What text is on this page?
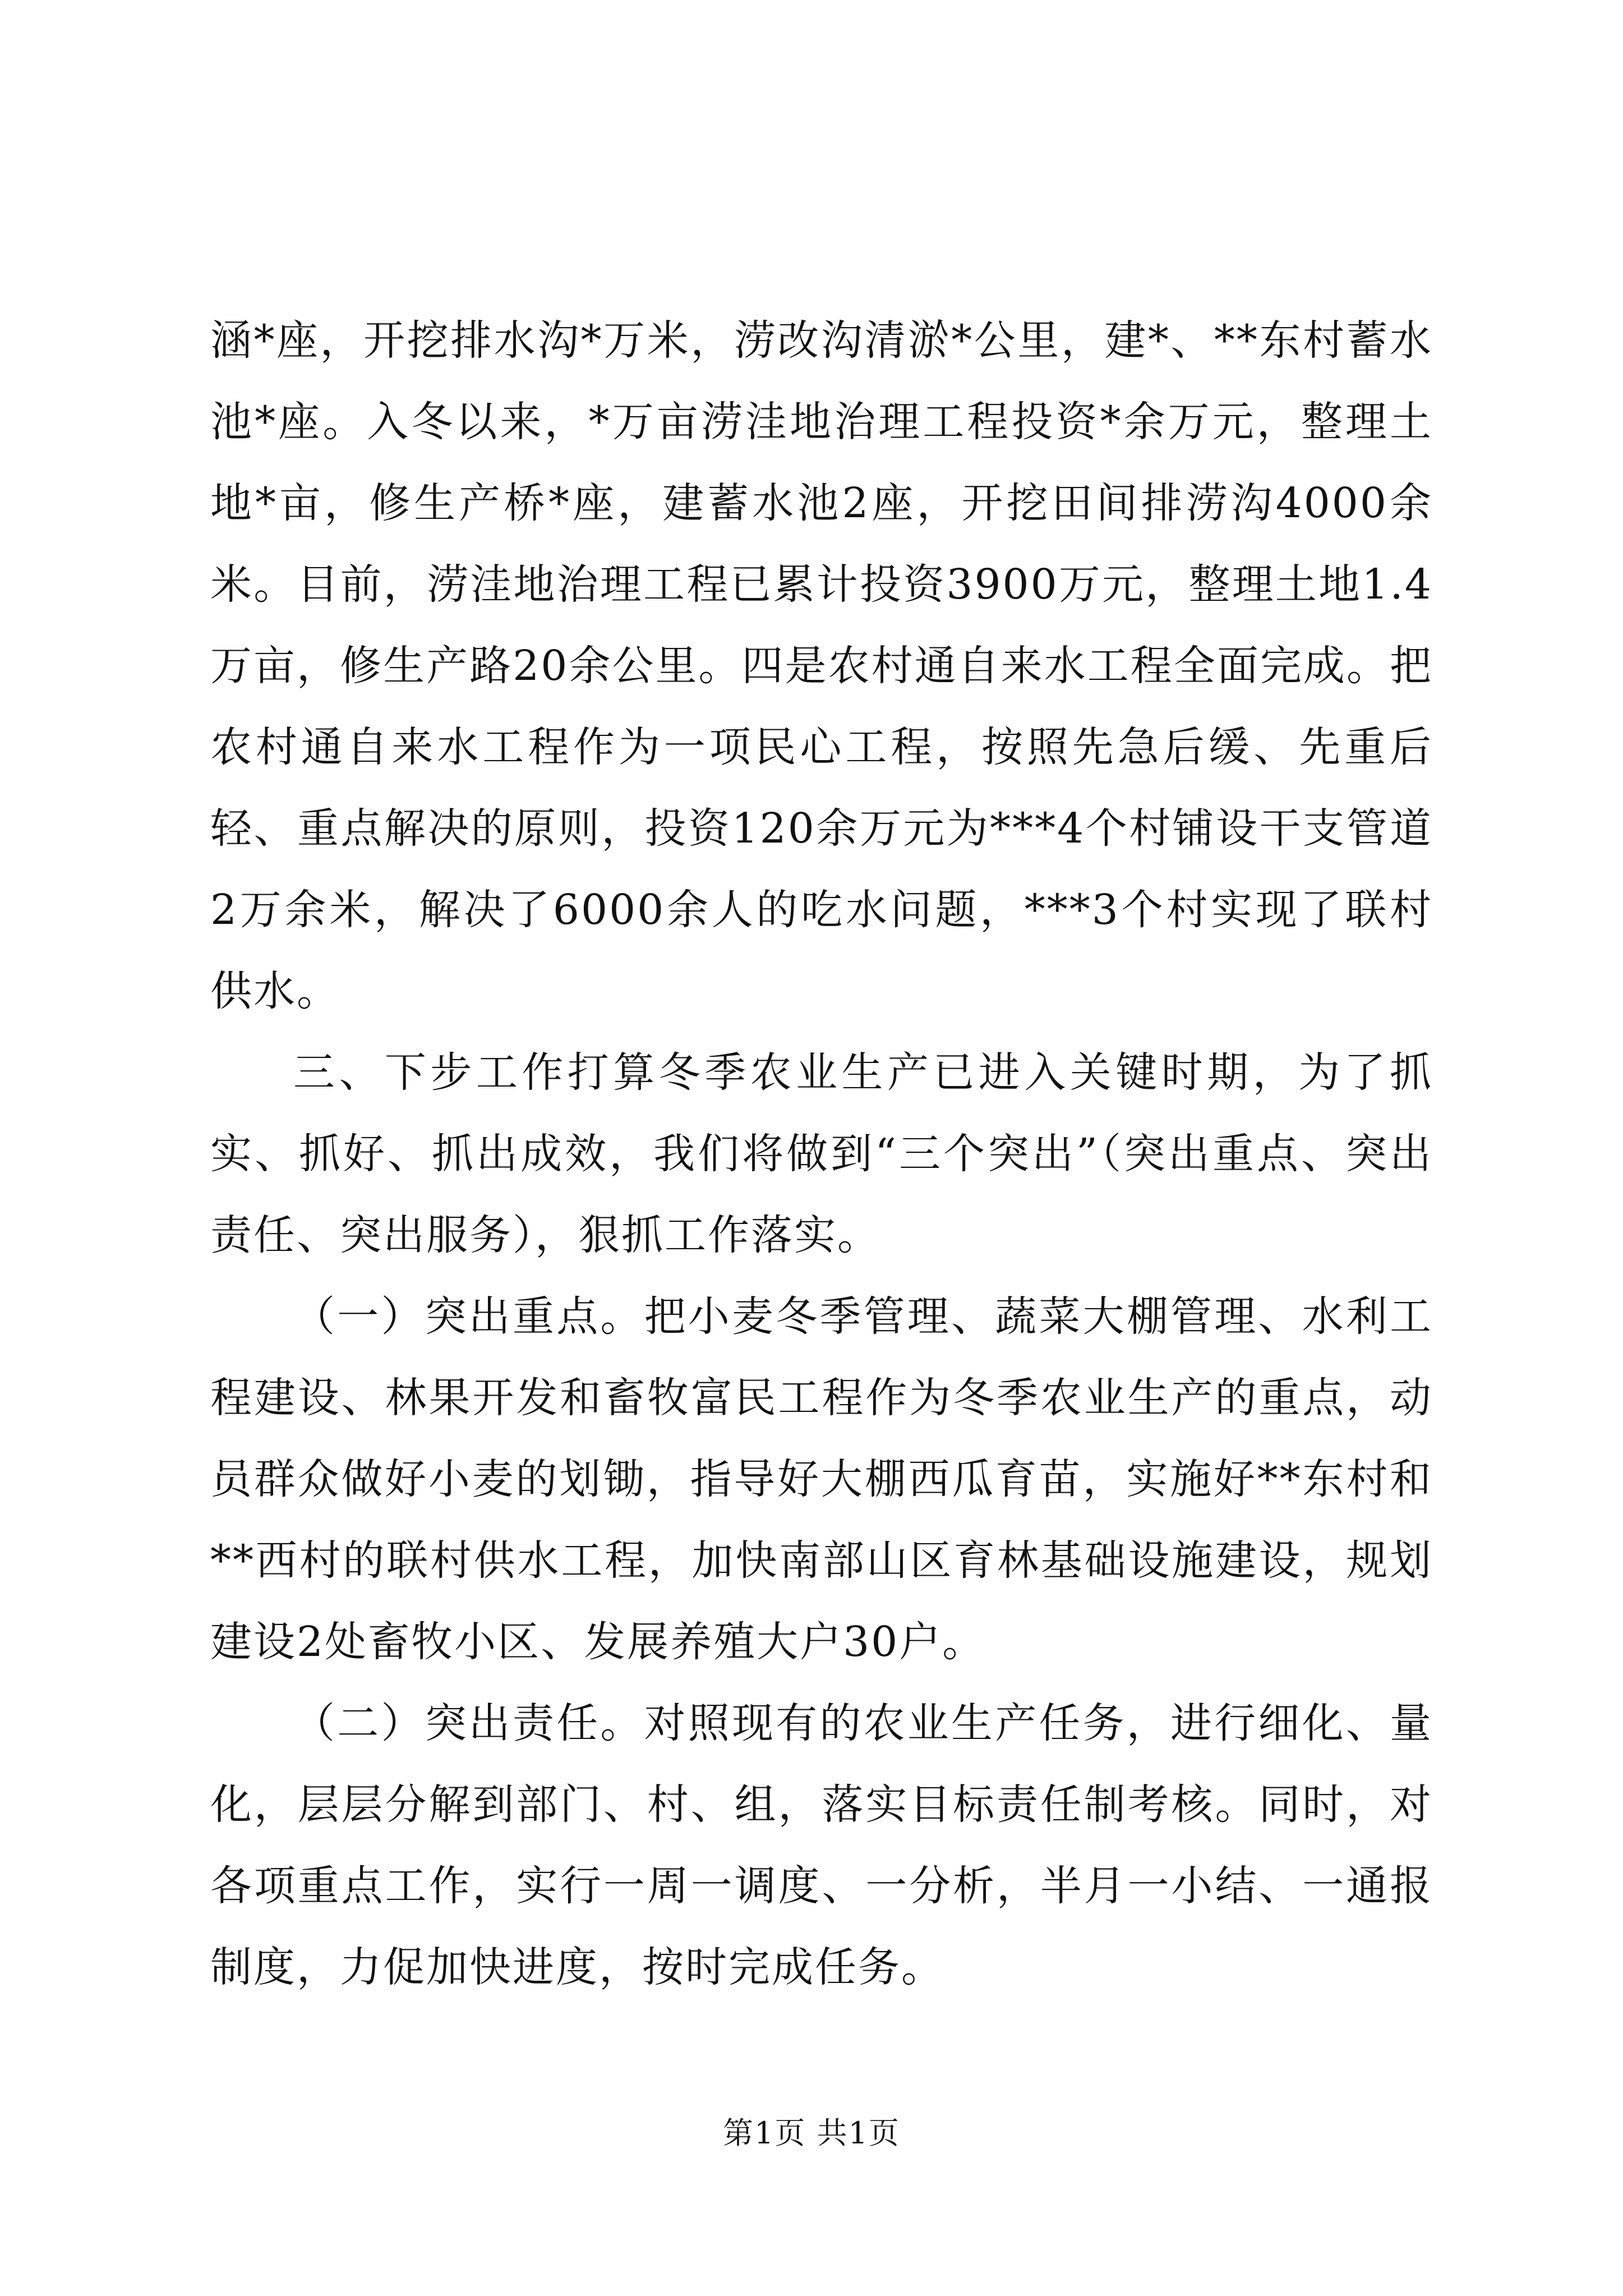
涵*座，开挖排水沟*万米，涝改沟清淤*公里，建*、**东村蓄水池*座。入冬以来，*万亩涝洼地治理工程投资*余万元，整理土地*亩，修生产桥*座，建蓄水池2座，开挖田间排涝沟4000余米。目前，涝洼地治理工程已累计投资3900万元，整理土地1.4万亩，修生产路20余公里。四是农村通自来水工程全面完成。把农村通自来水工程作为一项民心工程，按照先急后缓、先重后轻、重点解决的原则，投资120余万元为***4个村铺设干支管道2万余米，解决了6000余人的吃水问题，***3个村实现了联村供水。

三、下步工作打算冬季农业生产已进入关键时期，为了抓实、抓好、抓出成效，我们将做到“三个突出”（突出重点、突出责任、突出服务），狠抓工作落实。

（一）突出重点。把小麦冬季管理、蔬菜大棚管理、水利工程建设、林果开发和畜牧富民工程作为冬季农业生产的重点，动员群众做好小麦的划锄，指导好大棚西瓜育苗，实施好**东村和**西村的联村供水工程，加快南部山区育林基础设施建设，规划建设2处畜牧小区、发展养殖大户30户。

（二）突出责任。对照现有的农业生产任务，进行细化、量化，层层分解到部门、村、组，落实目标责任制考核。同时，对各项重点工作，实行一周一调度、一分析，半月一小结、一通报制度，力促加快进度，按时完成任务。

第1页 共1页
